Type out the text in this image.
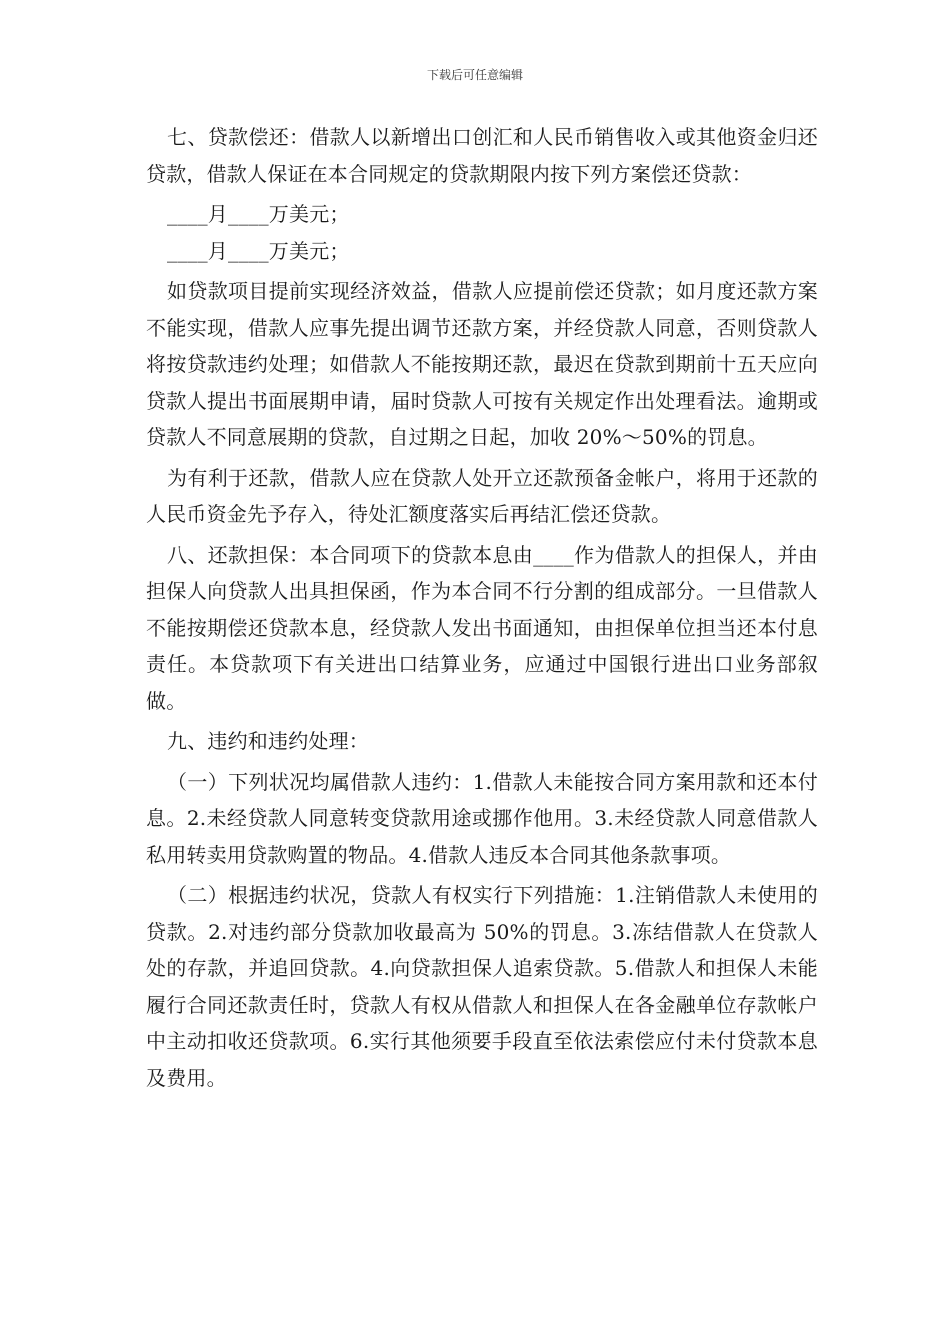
下载后可任意编辑

七、贷款偿还：借款人以新增出口创汇和人民币销售收入或其他资金归还贷款，借款人保证在本合同规定的贷款期限内按下列方案偿还贷款：

____月____万美元；

____月____万美元；

如贷款项目提前实现经济效益，借款人应提前偿还贷款；如月度还款方案不能实现，借款人应事先提出调节还款方案，并经贷款人同意，否则贷款人将按贷款违约处理；如借款人不能按期还款，最迟在贷款到期前十五天应向贷款人提出书面展期申请，届时贷款人可按有关规定作出处理看法。逾期或贷款人不同意展期的贷款，自过期之日起，加收 20%～50%的罚息。

为有利于还款，借款人应在贷款人处开立还款预备金帐户，将用于还款的人民币资金先予存入，待处汇额度落实后再结汇偿还贷款。

八、还款担保：本合同项下的贷款本息由____作为借款人的担保人，并由担保人向贷款人出具担保函，作为本合同不行分割的组成部分。一旦借款人不能按期偿还贷款本息，经贷款人发出书面通知，由担保单位担当还本付息责任。本贷款项下有关进出口结算业务，应通过中国银行进出口业务部叙做。

九、违约和违约处理：

（一）下列状况均属借款人违约：1.借款人未能按合同方案用款和还本付息。2.未经贷款人同意转变贷款用途或挪作他用。3.未经贷款人同意借款人私用转卖用贷款购置的物品。4.借款人违反本合同其他条款事项。

（二）根据违约状况，贷款人有权实行下列措施：1.注销借款人未使用的贷款。2.对违约部分贷款加收最高为 50%的罚息。3.冻结借款人在贷款人处的存款，并追回贷款。4.向贷款担保人追索贷款。5.借款人和担保人未能履行合同还款责任时，贷款人有权从借款人和担保人在各金融单位存款帐户中主动扣收还贷款项。6.实行其他须要手段直至依法索偿应付未付贷款本息及费用。
